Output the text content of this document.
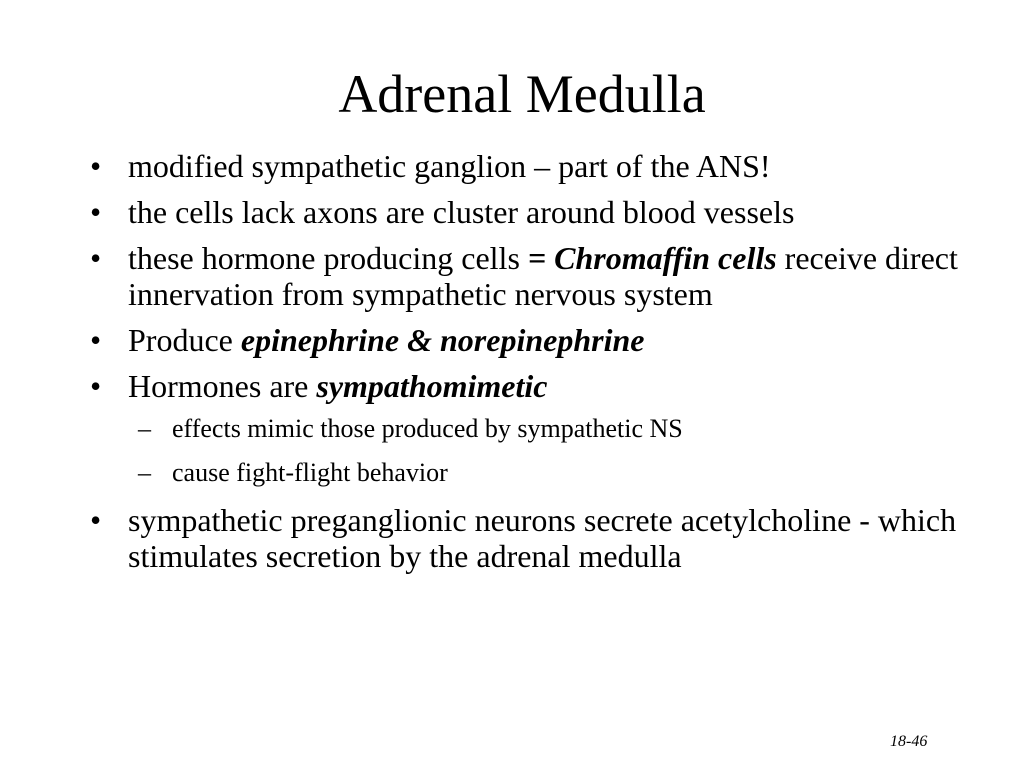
Adrenal Medulla
• modified sympathetic ganglion – part of the ANS!
• the cells lack axons are cluster around blood vessels
• these hormone producing cells = Chromaffin cells receive direct innervation from sympathetic nervous system
• Produce epinephrine & norepinephrine
• Hormones are sympathomimetic
– effects mimic those produced by sympathetic NS
– cause fight-flight behavior
• sympathetic preganglionic neurons secrete acetylcholine - which stimulates secretion by the adrenal medulla
18-46
